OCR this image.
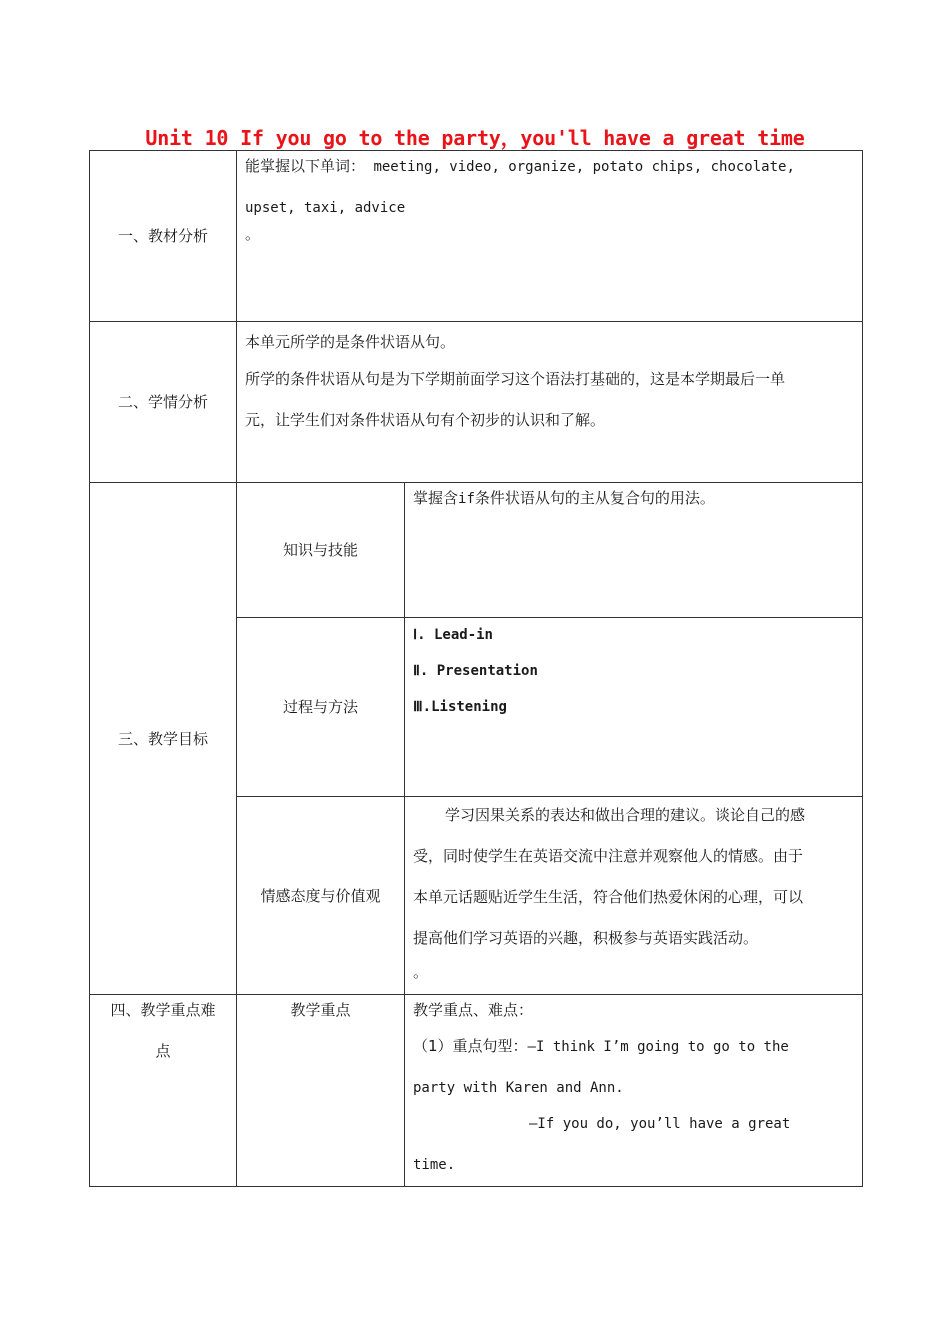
Unit 10 If you go to the party，you'll have a great time
一、教材分析	能掌握以下单词： meeting, video, organize, potato chips, chocolate,
upset, taxi, advice
。	

二、学情分析	本单元所学的是条件状语从句。
所学的条件状语从句是为下学期前面学习这个语法打基础的，这是本学期最后一单
元，让学生们对条件状语从句有个初步的认识和了解。	

三、教学目标	知识与技能	掌握含if条件状语从句的主从复合句的用法。

	过程与方法	Ⅰ. Lead-in
Ⅱ. Presentation
Ⅲ.Listening

	情感态度与价值观	学习因果关系的表达和做出合理的建议。谈论自己的感
受，同时使学生在英语交流中注意并观察他人的情感。由于
本单元话题贴近学生生活，符合他们热爱休闲的心理，可以
提高他们学习英语的兴趣，积极参与英语实践活动。
。

四、教学重点难
点	教学重点	教学重点、难点：
（1）重点句型：—I think I’m going to go to the
party with Karen and Ann.
—If you do, you’ll have a great
time.
